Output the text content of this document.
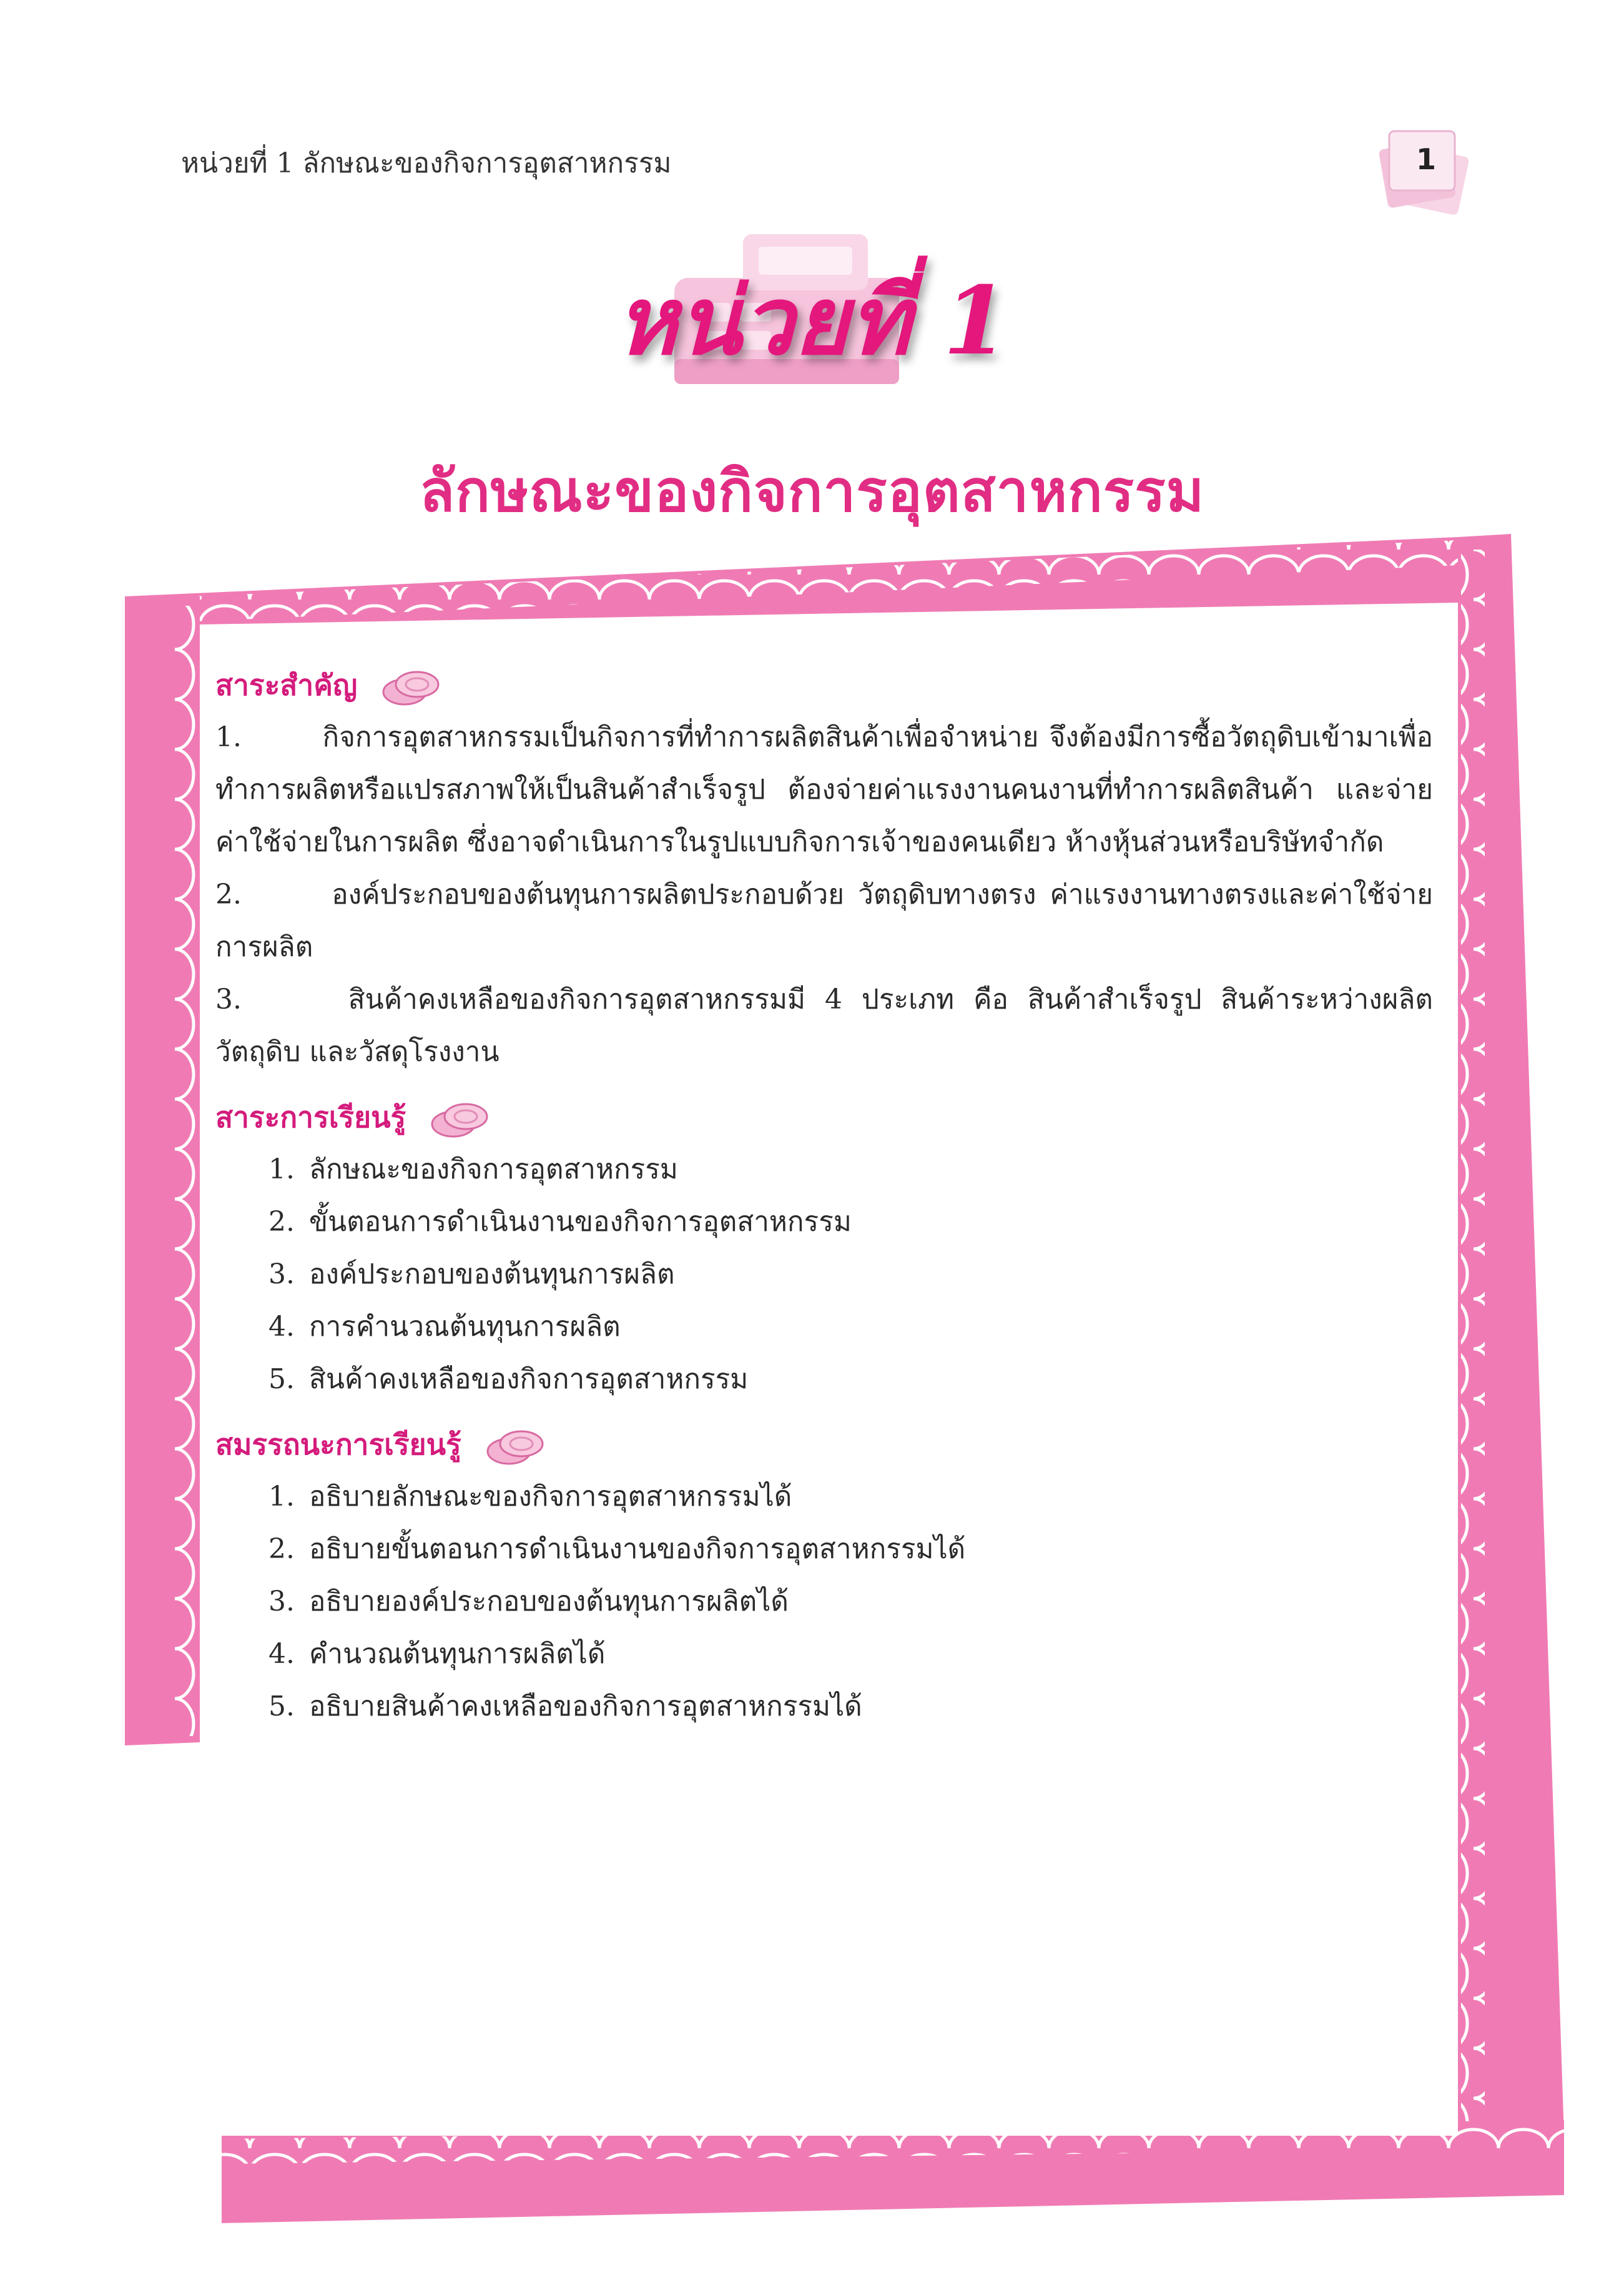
หน่วยที่ 1 ลักษณะของกิจการอุตสาหกรรม	1
หน่วยที่ 1
ลักษณะของกิจการอุตสาหกรรม
สาระสำคัญ
1.	กิจการอุตสาหกรรมเป็นกิจการที่ทำการผลิตสินค้าเพื่อจำหน่าย จึงต้องมีการซื้อวัตถุดิบเข้ามาเพื่อทำการผลิตหรือแปรสภาพให้เป็นสินค้าสำเร็จรูป ต้องจ่ายค่าแรงงานคนงานที่ทำการผลิตสินค้า และจ่ายค่าใช้จ่ายในการผลิต ซึ่งอาจดำเนินการในรูปแบบกิจการเจ้าของคนเดียว ห้างหุ้นส่วนหรือบริษัทจำกัด
2.	องค์ประกอบของต้นทุนการผลิตประกอบด้วย วัตถุดิบทางตรง ค่าแรงงานทางตรงและค่าใช้จ่ายการผลิต
3.	สินค้าคงเหลือของกิจการอุตสาหกรรมมี 4 ประเภท คือ สินค้าสำเร็จรูป สินค้าระหว่างผลิต วัตถุดิบ และวัสดุโรงงาน
สาระการเรียนรู้
1. ลักษณะของกิจการอุตสาหกรรม
2. ขั้นตอนการดำเนินงานของกิจการอุตสาหกรรม
3. องค์ประกอบของต้นทุนการผลิต
4. การคำนวณต้นทุนการผลิต
5. สินค้าคงเหลือของกิจการอุตสาหกรรม
สมรรถนะการเรียนรู้
1. อธิบายลักษณะของกิจการอุตสาหกรรมได้
2. อธิบายขั้นตอนการดำเนินงานของกิจการอุตสาหกรรมได้
3. อธิบายองค์ประกอบของต้นทุนการผลิตได้
4. คำนวณต้นทุนการผลิตได้
5. อธิบายสินค้าคงเหลือของกิจการอุตสาหกรรมได้
